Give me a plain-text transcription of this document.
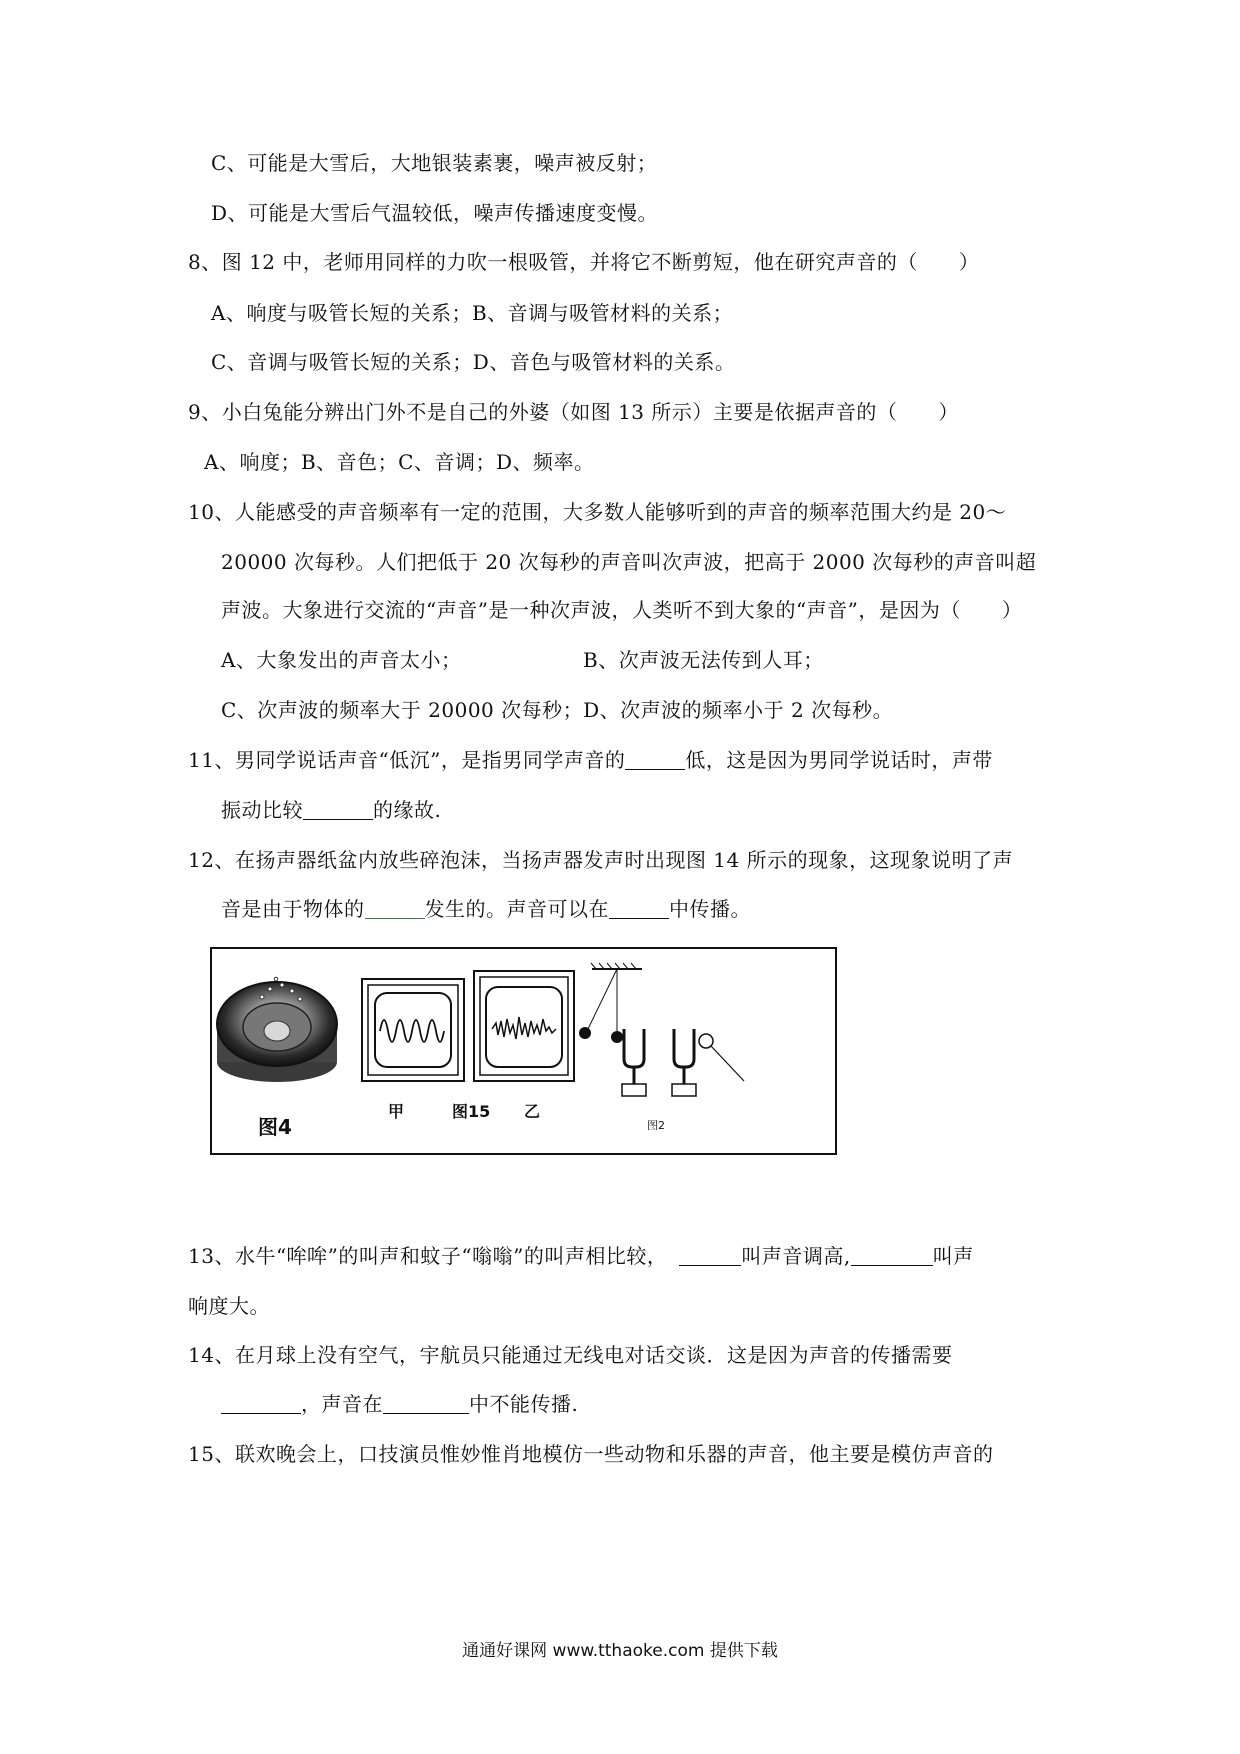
C、可能是大雪后，大地银装素裹，噪声被反射；
D、可能是大雪后气温较低，噪声传播速度变慢。
8、图 12 中，老师用同样的力吹一根吸管，并将它不断剪短，他在研究声音的（　　）
A、响度与吸管长短的关系；B、音调与吸管材料的关系；
C、音调与吸管长短的关系；D、音色与吸管材料的关系。
9、小白兔能分辨出门外不是自己的外婆（如图 13 所示）主要是依据声音的（　　）
A、响度；B、音色；C、音调；D、频率。
10、人能感受的声音频率有一定的范围，大多数人能够听到的声音的频率范围大约是 20～
20000 次每秒。人们把低于 20 次每秒的声音叫次声波，把高于 2000 次每秒的声音叫超
声波。大象进行交流的“声音”是一种次声波，人类听不到大象的“声音”，是因为（　　）
A、大象发出的声音太小；	B、次声波无法传到人耳；
C、次声波的频率大于 20000 次每秒；D、次声波的频率小于 2 次每秒。
11、男同学说话声音“低沉”，是指男同学声音的	低，这是因为男同学说话时，声带
振动比较	的缘故.
12、在扬声器纸盆内放些碎泡沫，当扬声器发声时出现图 14 所示的现象，这现象说明了声
音是由于物体的	发生的。声音可以在	中传播。
图4
甲	图15 乙
图2
13、水牛“哞哞”的叫声和蚊子“嗡嗡”的叫声相比较，	叫声音调高,	叫声
响度大。
14、在月球上没有空气，宇航员只能通过无线电对话交谈．这是因为声音的传播需要
，声音在	中不能传播.
15、联欢晚会上，口技演员惟妙惟肖地模仿一些动物和乐器的声音，他主要是模仿声音的
通通好课网 www.tthaoke.com 提供下载
